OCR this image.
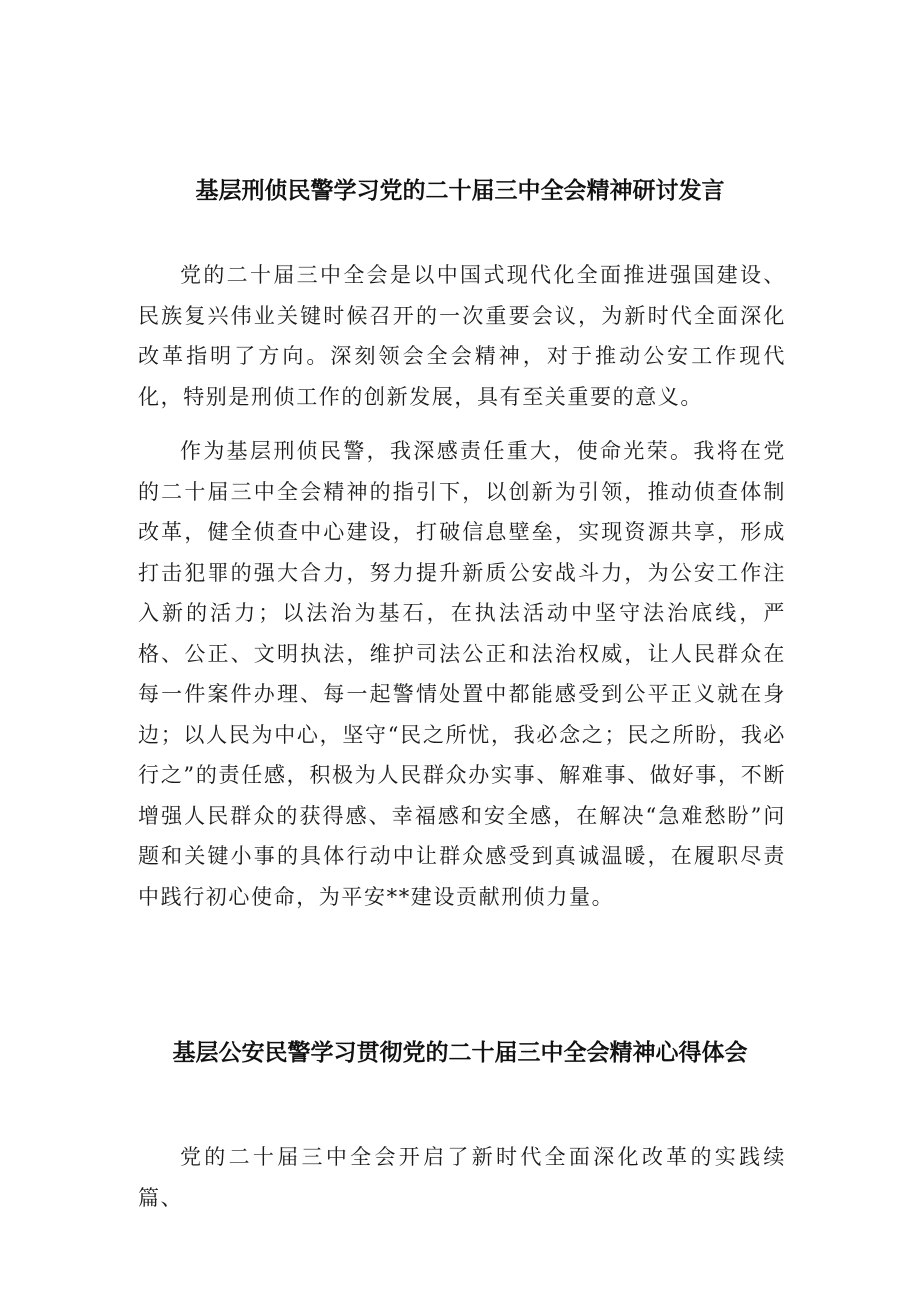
基层刑侦民警学习党的二十届三中全会精神研讨发言

党的二十届三中全会是以中国式现代化全面推进强国建设、民族复兴伟业关键时候召开的一次重要会议，为新时代全面深化改革指明了方向。深刻领会全会精神，对于推动公安工作现代化，特别是刑侦工作的创新发展，具有至关重要的意义。

作为基层刑侦民警，我深感责任重大，使命光荣。我将在党的二十届三中全会精神的指引下，以创新为引领，推动侦查体制改革，健全侦查中心建设，打破信息壁垒，实现资源共享，形成打击犯罪的强大合力，努力提升新质公安战斗力，为公安工作注入新的活力；以法治为基石，在执法活动中坚守法治底线，严格、公正、文明执法，维护司法公正和法治权威，让人民群众在每一件案件办理、每一起警情处置中都能感受到公平正义就在身边；以人民为中心，坚守“民之所忧，我必念之；民之所盼，我必行之”的责任感，积极为人民群众办实事、解难事、做好事，不断增强人民群众的获得感、幸福感和安全感，在解决“急难愁盼”问题和关键小事的具体行动中让群众感受到真诚温暖，在履职尽责中践行初心使命，为平安**建设贡献刑侦力量。

基层公安民警学习贯彻党的二十届三中全会精神心得体会

党的二十届三中全会开启了新时代全面深化改革的实践续篇、
